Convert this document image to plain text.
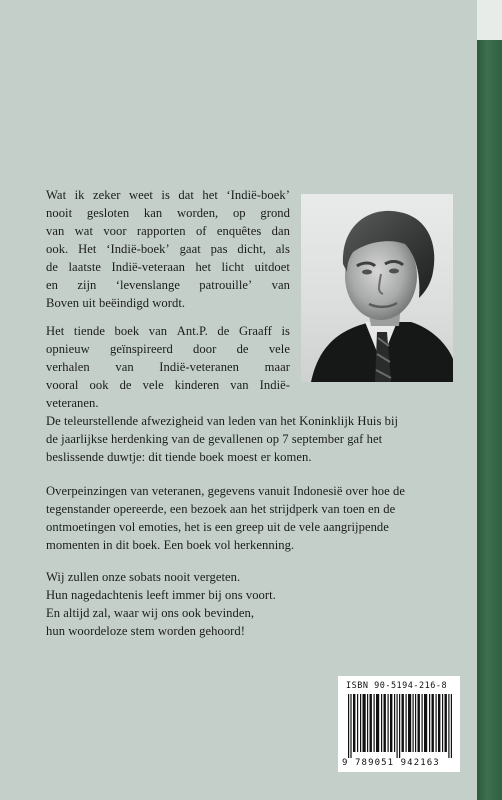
Wat ik zeker weet is dat het ‘Indië-boek’
nooit gesloten kan worden, op grond
van wat voor rapporten of enquêtes dan
ook. Het ‘Indië-boek’ gaat pas dicht, als
de laatste Indië-veteraan het licht uitdoet
en zijn ‘levenslange patrouille’ van
Boven uit beëindigd wordt.
Het tiende boek van Ant.P. de Graaff is
opnieuw geïnspireerd door de vele
verhalen van Indië-veteranen maar
vooral ook de vele kinderen van Indië-
veteranen.
De teleurstellende afwezigheid van leden van het Koninklijk Huis bij
de jaarlijkse herdenking van de gevallenen op 7 september gaf het
beslissende duwtje: dit tiende boek moest er komen.
Overpeinzingen van veteranen, gegevens vanuit Indonesië over hoe de
tegenstander opereerde, een bezoek aan het strijdperk van toen en de
ontmoetingen vol emoties, het is een greep uit de vele aangrijpende
momenten in dit boek. Een boek vol herkenning.
Wij zullen onze sobats nooit vergeten.
Hun nagedachtenis leeft immer bij ons voort.
En altijd zal, waar wij ons ook bevinden,
hun woordeloze stem worden gehoord!
ISBN 90-5194-216-8
9 789051 942163
